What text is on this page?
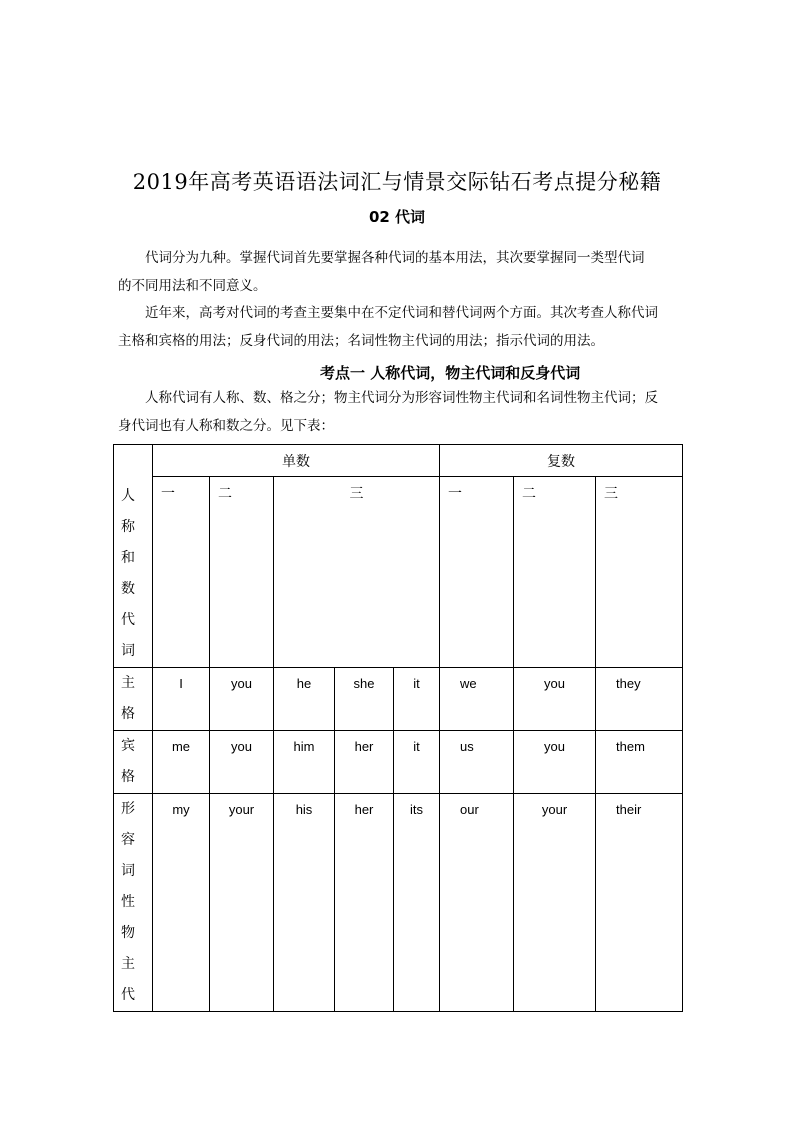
2019年高考英语语法词汇与情景交际钻石考点提分秘籍
02 代词
代词分为九种。掌握代词首先要掌握各种代词的基本用法，其次要掌握同一类型代词
的不同用法和不同意义。
近年来，高考对代词的考查主要集中在不定代词和替代词两个方面。其次考查人称代词
主格和宾格的用法；反身代词的用法；名词性物主代词的用法；指示代词的用法。
考点一 人称代词，物主代词和反身代词
人称代词有人称、数、格之分；物主代词分为形容词性物主代词和名词性物主代词；反
身代词也有人称和数之分。见下表：
人称和数代词	单数					复数		
	一	二	三			一	二	三

主格	I	you	he	she	it	we	you	they

宾格	me	you	him	her	it	us	you	them

形容词性物主代	my	your	his	her	its	our	your	their
